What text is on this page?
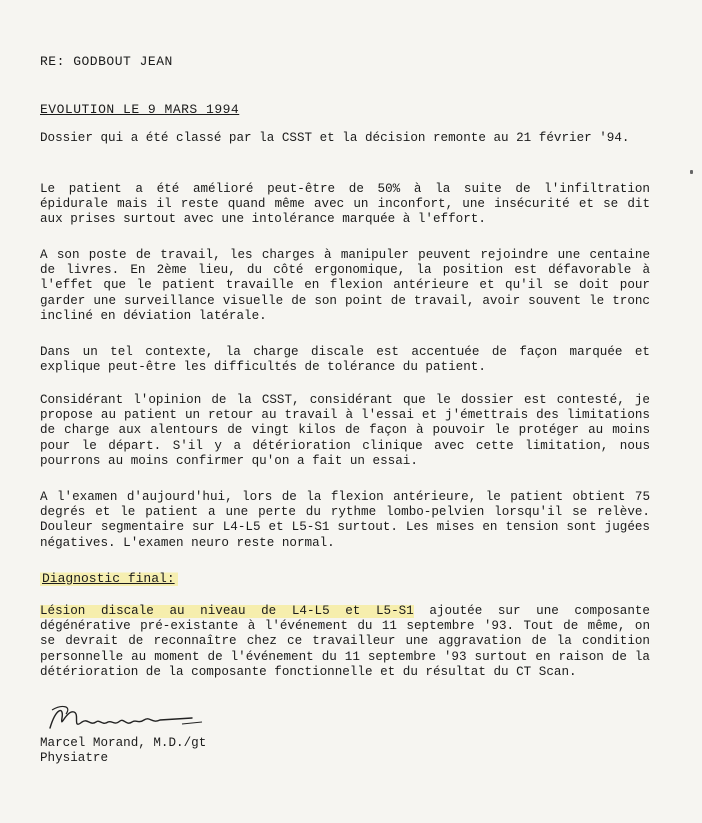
RE: GODBOUT JEAN
EVOLUTION LE 9 MARS 1994

Dossier qui a été classé par la CSST et la décision remonte au 21 février '94.

Le patient a été amélioré peut-être de 50% à la suite de l'infiltration épidurale mais il reste quand même avec un inconfort, une insécurité et se dit aux prises surtout avec une intolérance marquée à l'effort.

A son poste de travail, les charges à manipuler peuvent rejoindre une centaine de livres. En 2ème lieu, du côté ergonomique, la position est défavorable à l'effet que le patient travaille en flexion antérieure et qu'il se doit pour garder une surveillance visuelle de son point de travail, avoir souvent le tronc incliné en déviation latérale.

Dans un tel contexte, la charge discale est accentuée de façon marquée et explique peut-être les difficultés de tolérance du patient.

Considérant l'opinion de la CSST, considérant que le dossier est contesté, je propose au patient un retour au travail à l'essai et j'émettrais des limitations de charge aux alentours de vingt kilos de façon à pouvoir le protéger au moins pour le départ. S'il y a détérioration clinique avec cette limitation, nous pourrons au moins confirmer qu'on a fait un essai.

A l'examen d'aujourd'hui, lors de la flexion antérieure, le patient obtient 75 degrés et le patient a une perte du rythme lombo-pelvien lorsqu'il se relève. Douleur segmentaire sur L4-L5 et L5-S1 surtout. Les mises en tension sont jugées négatives. L'examen neuro reste normal.

Diagnostic final:

Lésion discale au niveau de L4-L5 et L5-S1 ajoutée sur une composante dégénérative pré-existante à l'événement du 11 septembre '93. Tout de même, on se devrait de reconnaître chez ce travailleur une aggravation de la condition personnelle au moment de l'événement du 11 septembre '93 surtout en raison de la détérioration de la composante fonctionnelle et du résultat du CT Scan.

Marcel Morand, M.D./gt
Physiatre
